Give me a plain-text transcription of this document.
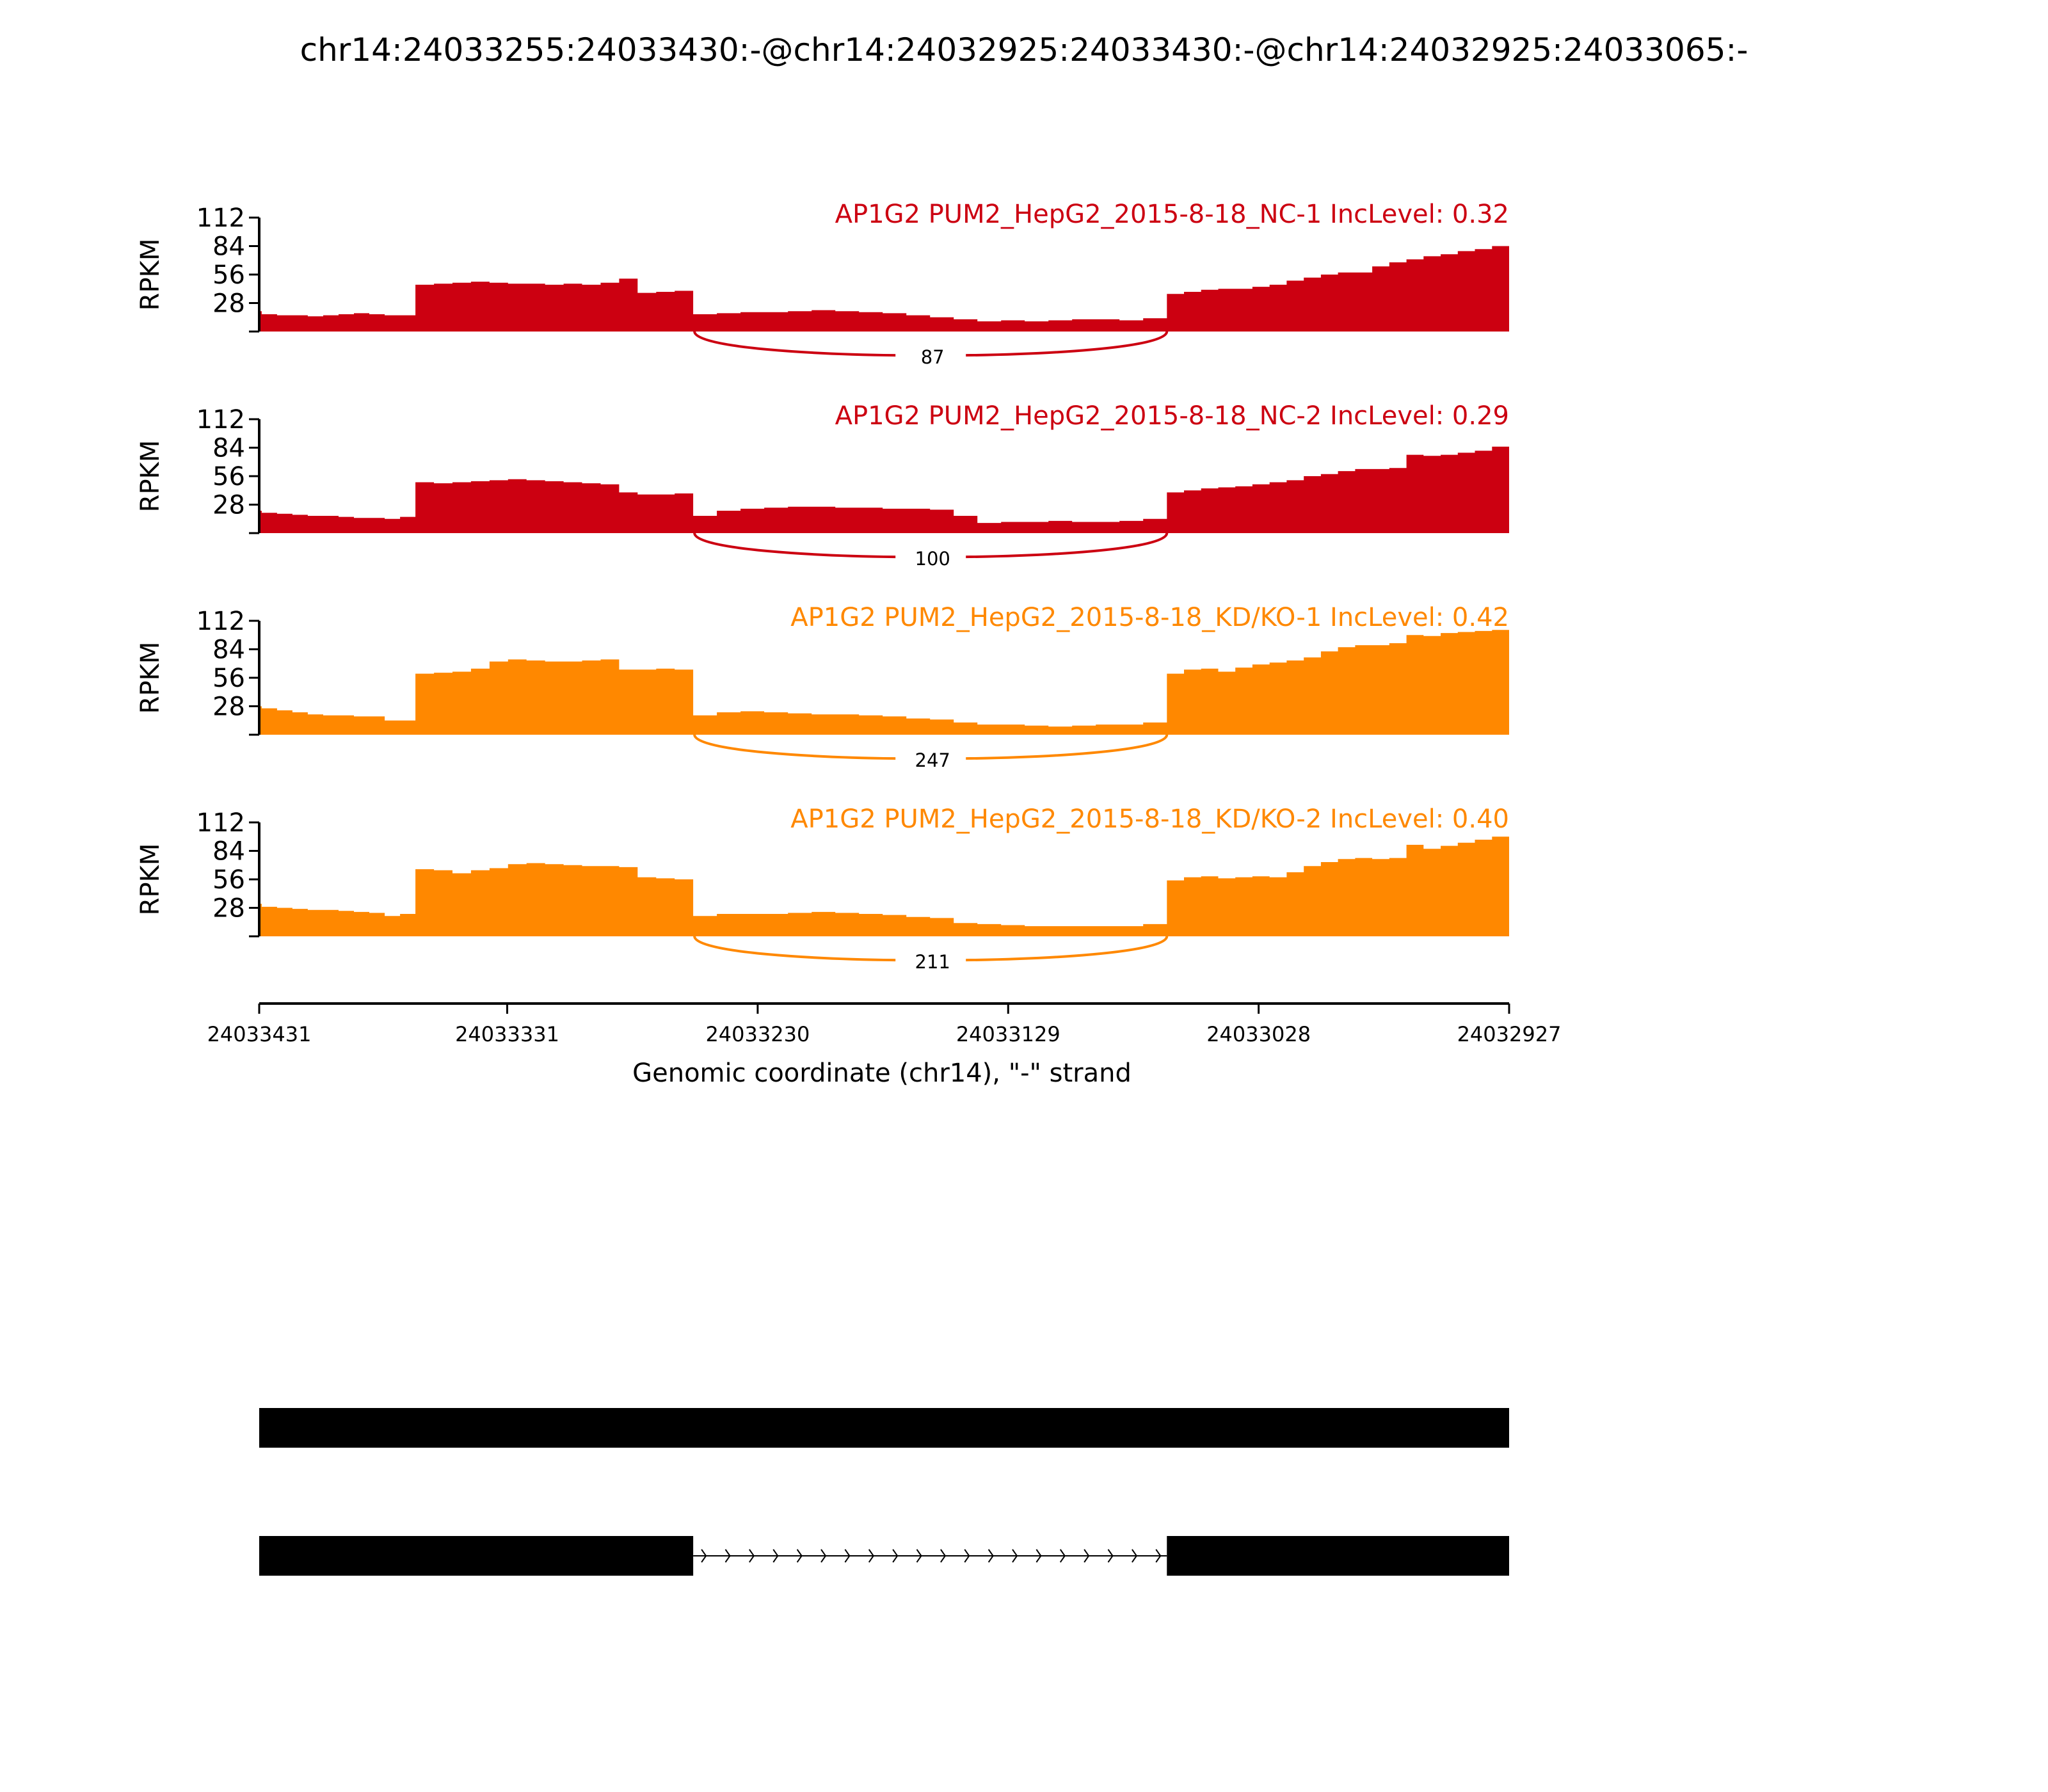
chr14:24033255:24033430:-@chr14:24032925:24033430:-@chr14:24032925:24033065:-
112
84
56
28
RPKM
AP1G2 PUM2_HepG2_2015-8-18_NC-1 IncLevel: 0.32
87
112
84
56
28
RPKM
AP1G2 PUM2_HepG2_2015-8-18_NC-2 IncLevel: 0.29
100
112
84
56
28
RPKM
AP1G2 PUM2_HepG2_2015-8-18_KD/KO-1 IncLevel: 0.42
247
112
84
56
28
RPKM
AP1G2 PUM2_HepG2_2015-8-18_KD/KO-2 IncLevel: 0.40
211
24033431	24033331	24033230	24033129	24033028	24032927
Genomic coordinate (chr14), "-" strand
